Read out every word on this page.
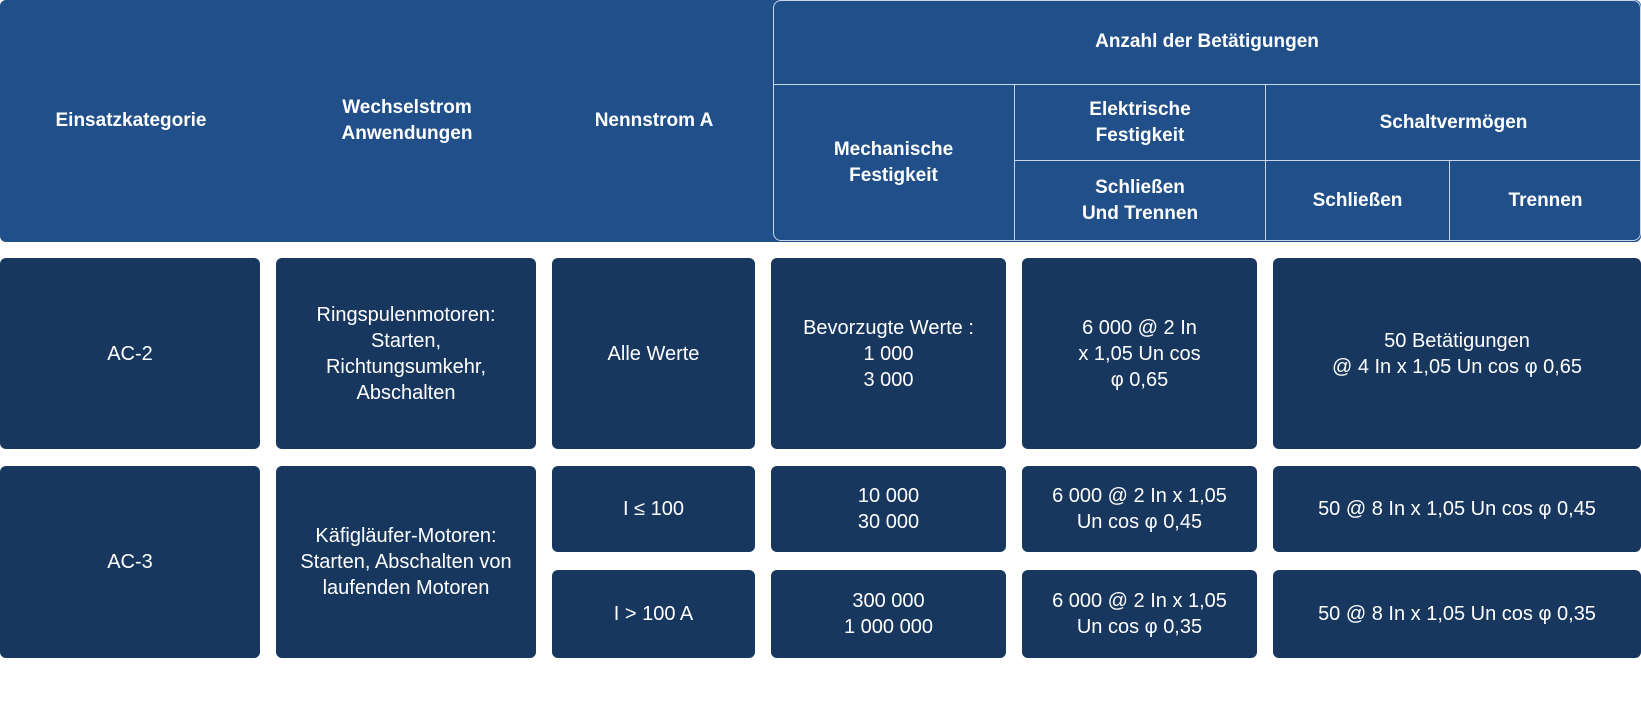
Einsatzkategorie
Wechselstrom
Anwendungen
Nennstrom A
Anzahl der Betätigungen
Mechanische
Festigkeit
Elektrische
Festigkeit
Schaltvermögen
Schließen
Und Trennen
Schließen	Trennen
AC-2
Ringspulenmotoren:
Starten,
Richtungsumkehr,
Abschalten
Alle Werte
Bevorzugte Werte :
1 000
3 000
6 000 @ 2 In
x 1,05 Un cos
φ 0,65
50 Betätigungen
@ 4 In x 1,05 Un cos φ 0,65
AC-3
Käfigläufer-Motoren:
Starten, Abschalten von
laufenden Motoren
I ≤ 100
10 000
30 000
6 000 @ 2 In x 1,05
Un cos φ 0,45
50 @ 8 In x 1,05 Un cos φ 0,45
I > 100 A
300 000
1 000 000
6 000 @ 2 In x 1,05
Un cos φ 0,35
50 @ 8 In x 1,05 Un cos φ 0,35
